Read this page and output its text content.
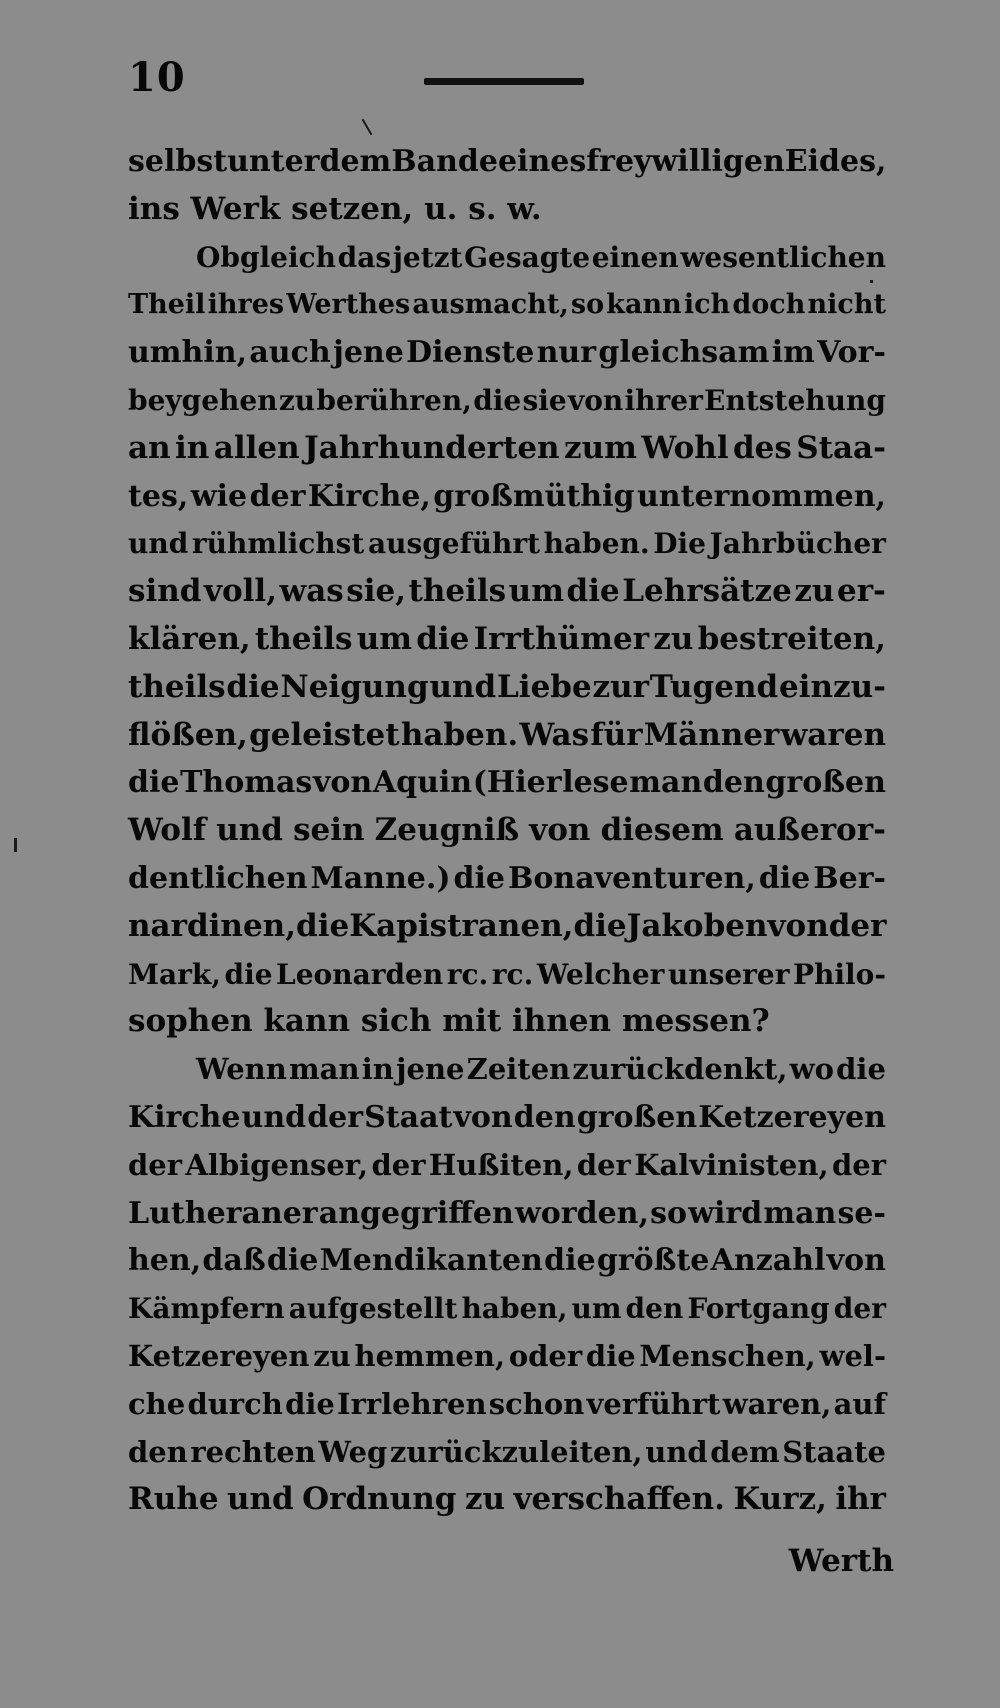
10

selbst unter dem Bande eines freywilligen Eides,
ins Werk setzen, u. s. w.

Obgleich das jetzt Gesagte einen wesentlichen
Theil ihres Werthes ausmacht, so kann ich doch nicht
umhin, auch jene Dienste nur gleichsam im Vor-
beygehen zu berühren, die sie von ihrer Entstehung
an in allen Jahrhunderten zum Wohl des Staa-
tes, wie der Kirche, großmüthig unternommen,
und rühmlichst ausgeführt haben. Die Jahrbücher
sind voll, was sie, theils um die Lehrsätze zu er-
klären, theils um die Irrthümer zu bestreiten,
theils die Neigung und Liebe zur Tugend einzu-
flößen, geleistet haben. Was für Männer waren
die Thomas von Aquin (Hier lese man den großen
Wolf und sein Zeugniß von diesem außeror-
dentlichen Manne.) die Bonaventuren, die Ber-
nardinen, die Kapistranen, die Jakoben von der
Mark, die Leonarden rc. rc. Welcher unserer Philo-
sophen kann sich mit ihnen messen?

Wenn man in jene Zeiten zurückdenkt, wo die
Kirche und der Staat von den großen Ketzereyen
der Albigenser, der Hußiten, der Kalvinisten, der
Lutheraner angegriffen worden, so wird man se-
hen, daß die Mendikanten die größte Anzahl von
Kämpfern aufgestellt haben, um den Fortgang der
Ketzereyen zu hemmen, oder die Menschen, wel-
che durch die Irrlehren schon verführt waren, auf
den rechten Weg zurückzuleiten, und dem Staate
Ruhe und Ordnung zu verschaffen. Kurz, ihr

Werth
